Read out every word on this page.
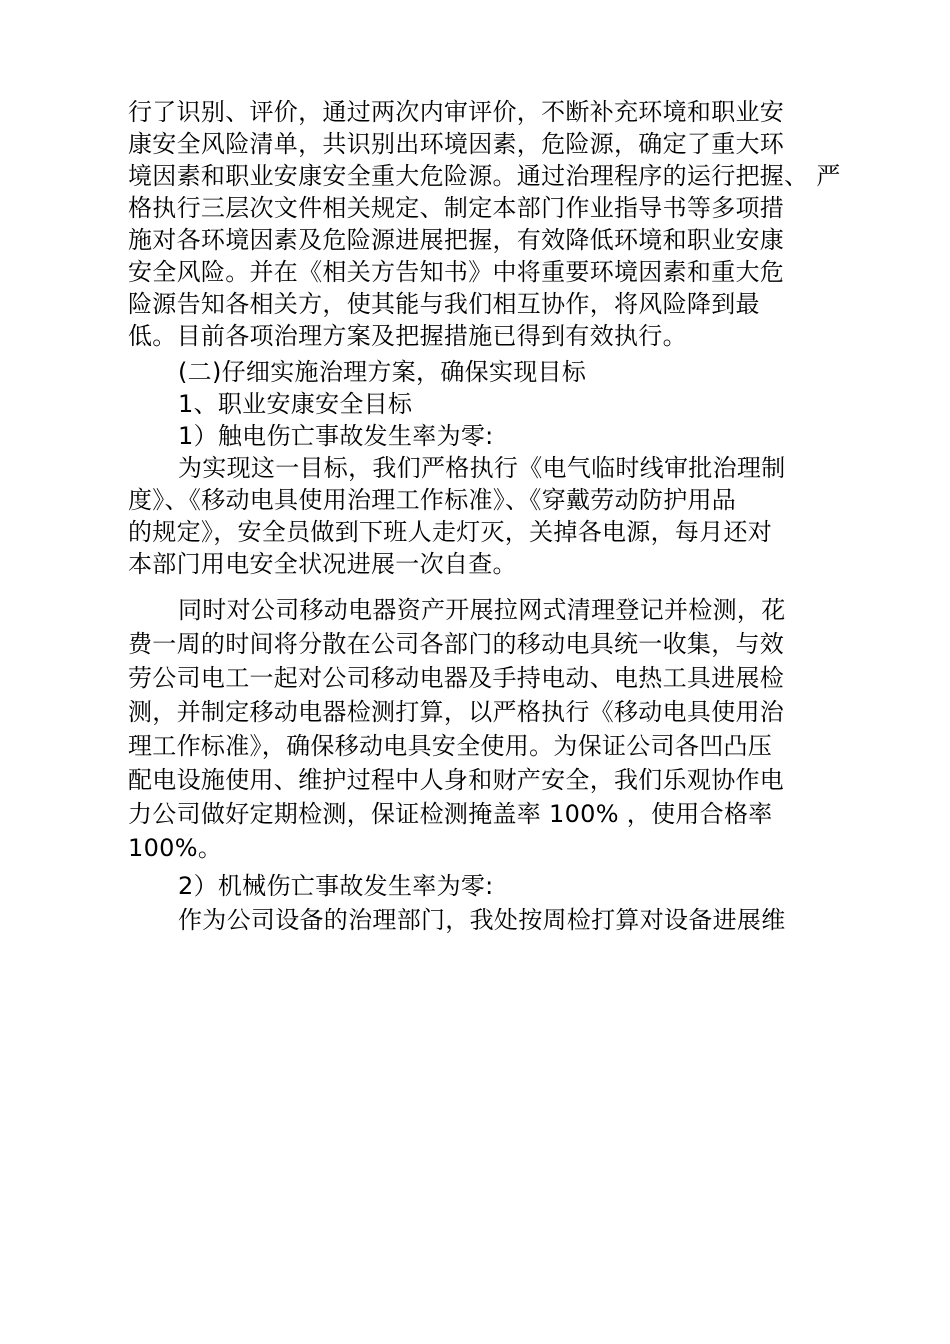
行了识别、评价，通过两次内审评价，不断补充环境和职业安
康安全风险清单，共识别出环境因素，危险源，确定了重大环
境因素和职业安康安全重大危险源。通过治理程序的运行把握、 严
格执行三层次文件相关规定、制定本部门作业指导书等多项措
施对各环境因素及危险源进展把握，有效降低环境和职业安康
安全风险。并在《相关方告知书》中将重要环境因素和重大危
险源告知各相关方，使其能与我们相互协作，将风险降到最
低。目前各项治理方案及把握措施已得到有效执行。
(二)仔细实施治理方案，确保实现目标
1、职业安康安全目标
1）触电伤亡事故发生率为零:
为实现这一目标，我们严格执行《电气临时线审批治理制
度》、《移动电具使用治理工作标准》、《穿戴劳动防护用品
的规定》，安全员做到下班人走灯灭，关掉各电源，每月还对
本部门用电安全状况进展一次自查。
同时对公司移动电器资产开展拉网式清理登记并检测，花
费一周的时间将分散在公司各部门的移动电具统一收集，与效
劳公司电工一起对公司移动电器及手持电动、电热工具进展检
测，并制定移动电器检测打算，以严格执行《移动电具使用治
理工作标准》，确保移动电具安全使用。为保证公司各凹凸压
配电设施使用、维护过程中人身和财产安全，我们乐观协作电
力公司做好定期检测，保证检测掩盖率 100% ，使用合格率
100%。
2）机械伤亡事故发生率为零:
作为公司设备的治理部门，我处按周检打算对设备进展维
